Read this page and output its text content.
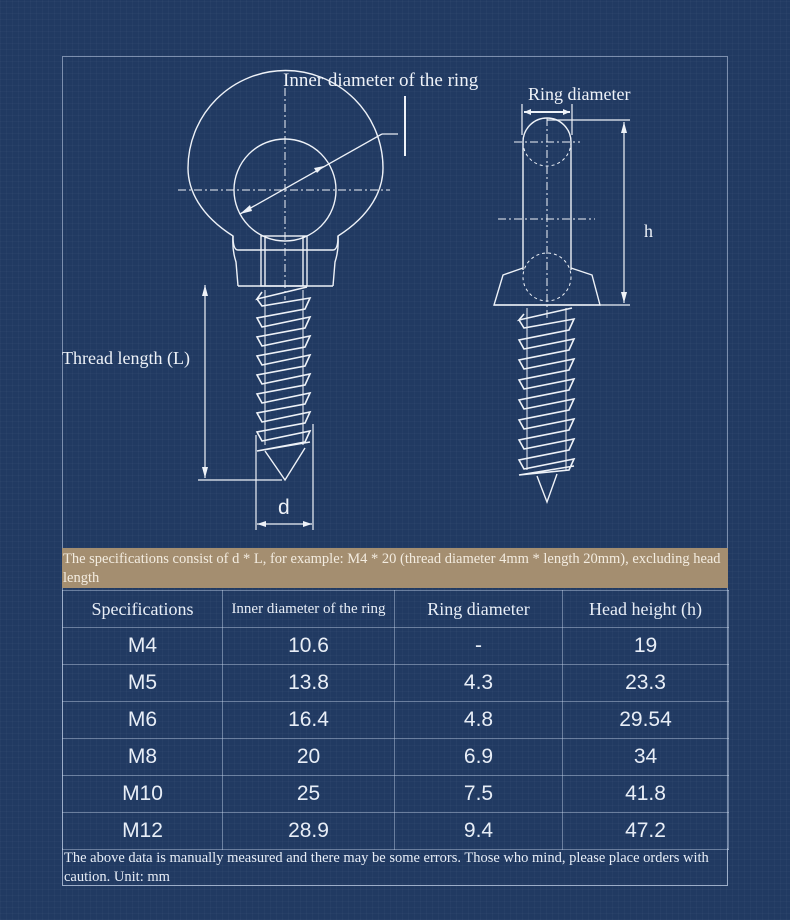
Inner diameter of the ring
Ring diameter
h
Thread length (L)
d
The specifications consist of d * L, for example: M4 * 20 (thread diameter 4mm * length 20mm), excluding head length
Specifications	Inner diameter of the ring	Ring diameter	Head height (h)
M4	10.6	-	19
M5	13.8	4.3	23.3
M6	16.4	4.8	29.54
M8	20	6.9	34
M10	25	7.5	41.8
M12	28.9	9.4	47.2
The above data is manually measured and there may be some errors. Those who mind, please place orders with caution. Unit: mm
